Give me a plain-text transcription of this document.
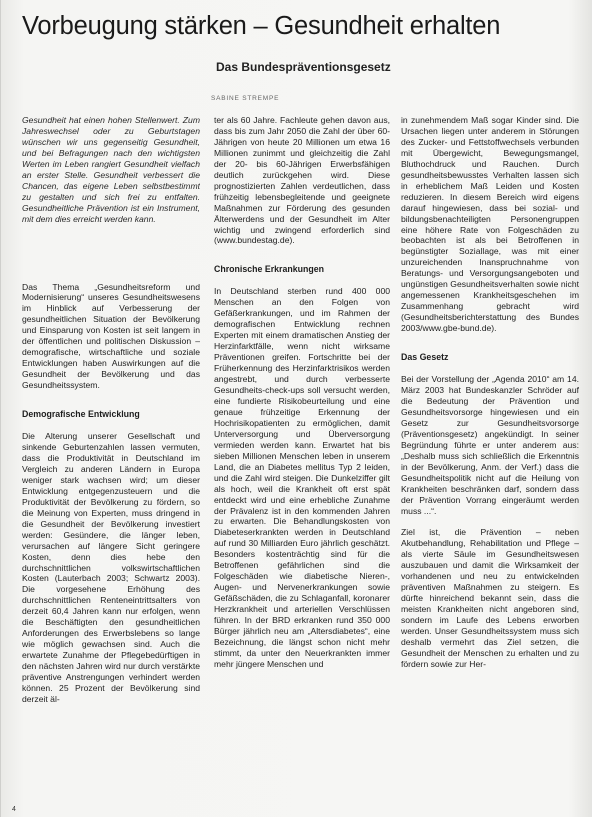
Vorbeugung stärken – Gesundheit erhalten
Das Bundespräventionsgesetz
SABINE STREMPE

Gesundheit hat einen hohen Stellenwert. Zum Jahreswechsel oder zu Geburtstagen wünschen wir uns gegenseitig Gesundheit, und bei Befragungen nach den wichtigsten Werten im Leben rangiert Gesundheit vielfach an erster Stelle. Gesundheit verbessert die Chancen, das eigene Leben selbstbestimmt zu gestalten und sich frei zu entfalten. Gesundheitliche Prävention ist ein Instrument, mit dem dies erreicht werden kann.

Das Thema „Gesundheitsreform und Modernisierung“ unseres Gesundheitswesens im Hinblick auf Verbesserung der gesundheitlichen Situation der Bevölkerung und Einsparung von Kosten ist seit langem in der öffentlichen und politischen Diskussion – demografische, wirtschaftliche und soziale Entwicklungen haben Auswirkungen auf die Gesundheit der Bevölkerung und das Gesundheitssystem.

Demografische Entwicklung

Die Alterung unserer Gesellschaft und sinkende Geburtenzahlen lassen vermuten, dass die Produktivität in Deutschland im Vergleich zu anderen Ländern in Europa weniger stark wachsen wird; um dieser Entwicklung entgegenzusteuern und die Produktivität der Bevölkerung zu fördern, so die Meinung von Experten, muss dringend in die Gesundheit der Bevölkerung investiert werden: Gesündere, die länger leben, verursachen auf längere Sicht geringere Kosten, denn dies hebe den durchschnittlichen volkswirtschaftlichen Kosten (Lauterbach 2003; Schwartz 2003). Die vorgesehene Erhöhung des durchschnittlichen Renteneintrittsalters von derzeit 60,4 Jahren kann nur erfolgen, wenn die Beschäftigten den gesundheitlichen Anforderungen des Erwerbslebens so lange wie möglich gewachsen sind. Auch die erwartete Zunahme der Pflegebedürftigen in den nächsten Jahren wird nur durch verstärkte präventive Anstrengungen verhindert werden können. 25 Prozent der Bevölkerung sind derzeit äl-

ter als 60 Jahre. Fachleute gehen davon aus, dass bis zum Jahr 2050 die Zahl der über 60-Jährigen von heute 20 Millionen um etwa 16 Millionen zunimmt und gleichzeitig die Zahl der 20- bis 60-Jährigen Erwerbsfähigen deutlich zurückgehen wird. Diese prognostizierten Zahlen verdeutlichen, dass frühzeitig lebensbegleitende und geeignete Maßnahmen zur Förderung des gesunden Älterwerdens und der Gesundheit im Alter wichtig und zwingend erforderlich sind (www.bundestag.de).

Chronische Erkrankungen

In Deutschland sterben rund 400 000 Menschen an den Folgen von Gefäßerkrankungen, und im Rahmen der demografischen Entwicklung rechnen Experten mit einem dramatischen Anstieg der Herzinfarktfälle, wenn nicht wirksame Präventionen greifen. Fortschritte bei der Früherkennung des Herzinfarktrisikos werden angestrebt, und durch verbesserte Gesundheits-check-ups soll versucht werden, eine fundierte Risikobeurteilung und eine genaue frühzeitige Erkennung der Hochrisikopatienten zu ermöglichen, damit Unterversorgung und Überversorgung vermieden werden kann. Erwartet hat bis sieben Millionen Menschen leben in unserem Land, die an Diabetes mellitus Typ 2 leiden, und die Zahl wird steigen. Die Dunkelziffer gilt als hoch, weil die Krankheit oft erst spät entdeckt wird und eine erhebliche Zunahme der Prävalenz ist in den kommenden Jahren zu erwarten. Die Behandlungskosten von Diabeteserkrankten werden in Deutschland auf rund 30 Milliarden Euro jährlich geschätzt. Besonders kostenträchtig sind für die Betroffenen gefährlichen sind die Folgeschäden wie diabetische Nieren-, Augen- und Nervenerkrankungen sowie Gefäßschäden, die zu Schlaganfall, koronarer Herzkrankheit und arteriellen Verschlüssen führen. In der BRD erkranken rund 350 000 Bürger jährlich neu am „Altersdiabetes“, eine Bezeichnung, die längst schon nicht mehr stimmt, da unter den Neuerkrankten immer mehr jüngere Menschen und

in zunehmendem Maß sogar Kinder sind. Die Ursachen liegen unter anderem in Störungen des Zucker- und Fettstoffwechsels verbunden mit Übergewicht, Bewegungsmangel, Bluthochdruck und Rauchen. Durch gesundheitsbewusstes Verhalten lassen sich in erheblichem Maß Leiden und Kosten reduzieren. In diesem Bereich wird eigens darauf hingewiesen, dass bei sozial- und bildungsbenachteiligten Personengruppen eine höhere Rate von Folgeschäden zu beobachten ist als bei Betroffenen in begünstigter Soziallage, was mit einer unzureichenden Inanspruchnahme von Beratungs- und Versorgungsangeboten und ungünstigen Gesundheitsverhalten sowie nicht angemessenen Krankheitsgeschehen im Zusammenhang gebracht wird (Gesundheitsberichterstattung des Bundes 2003/www.gbe-bund.de).

Das Gesetz

Bei der Vorstellung der „Agenda 2010“ am 14. März 2003 hat Bundeskanzler Schröder auf die Bedeutung der Prävention und Gesundheitsvorsorge hingewiesen und ein Gesetz zur Gesundheitsvorsorge (Präventionsgesetz) angekündigt. In seiner Begründung führte er unter anderem aus: „Deshalb muss sich schließlich die Erkenntnis in der Bevölkerung, Anm. der Verf.) dass die Gesundheitspolitik nicht auf die Heilung von Krankheiten beschränken darf, sondern dass der Prävention Vorrang eingeräumt werden muss ...“.

Ziel ist, die Prävention – neben Akutbehandlung, Rehabilitation und Pflege – als vierte Säule im Gesundheitswesen auszubauen und damit die Wirksamkeit der vorhandenen und neu zu entwickelnden präventiven Maßnahmen zu steigern. Es dürfte hinreichend bekannt sein, dass die meisten Krankheiten nicht angeboren sind, sondern im Laufe des Lebens erworben werden. Unser Gesundheitssystem muss sich deshalb vermehrt das Ziel setzen, die Gesundheit der Menschen zu erhalten und zu fördern sowie zur Her-

4
